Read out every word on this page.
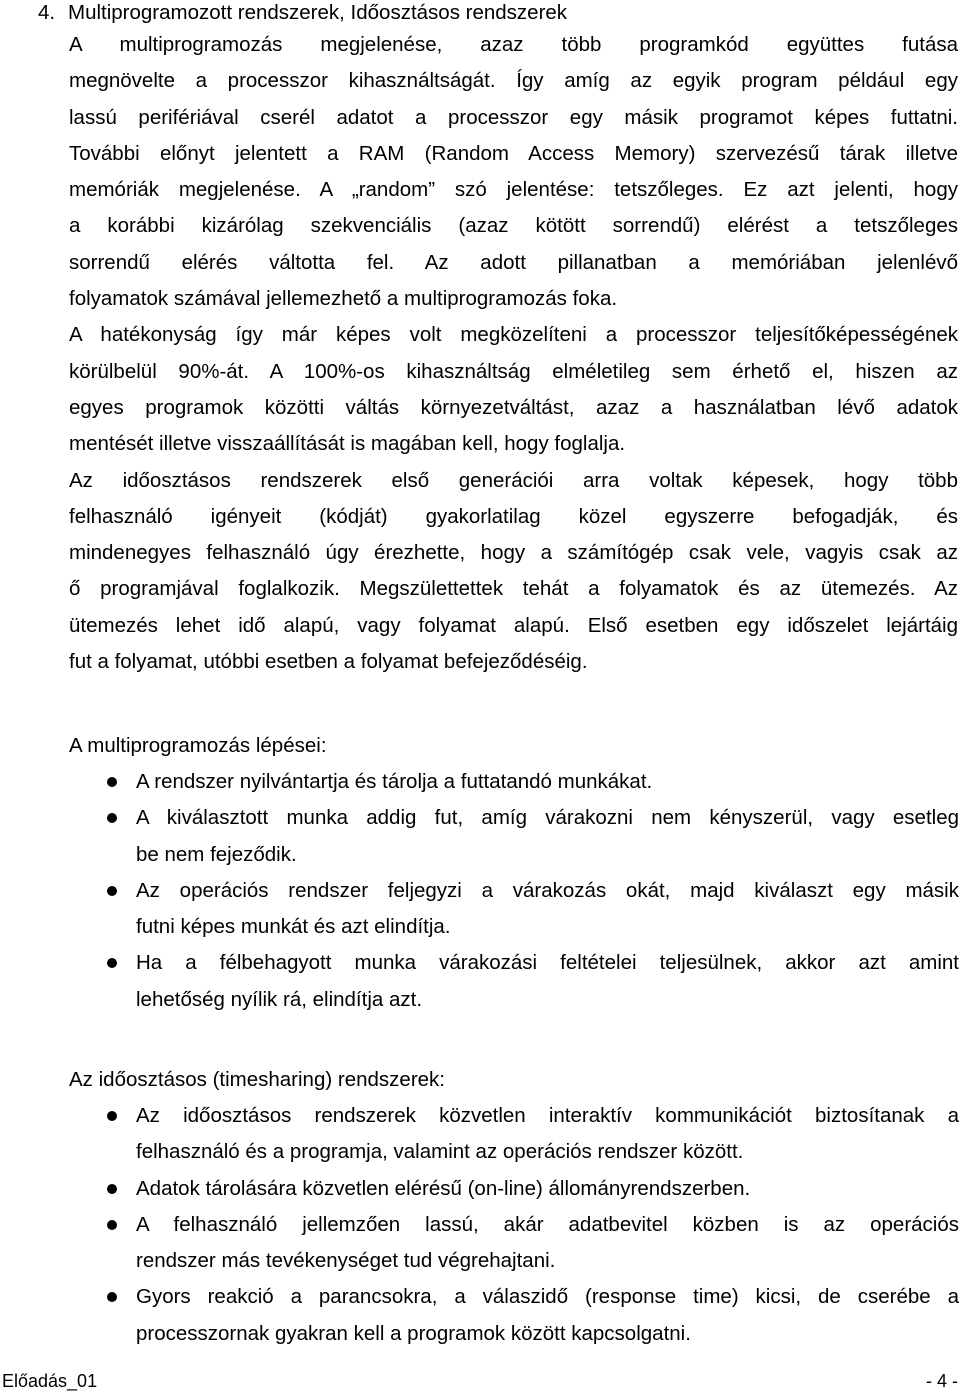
4. Multiprogramozott rendszerek, Időosztásos rendszerek
A multiprogramozás megjelenése, azaz több programkód együttes futása
megnövelte a processzor kihasználtságát. Így amíg az egyik program például egy
lassú perifériával cserél adatot a processzor egy másik programot képes futtatni.
További előnyt jelentett a RAM (Random Access Memory) szervezésű tárak illetve
memóriák megjelenése. A „random” szó jelentése: tetszőleges. Ez azt jelenti, hogy
a korábbi kizárólag szekvenciális (azaz kötött sorrendű) elérést a tetszőleges
sorrendű elérés váltotta fel. Az adott pillanatban a memóriában jelenlévő
folyamatok számával jellemezhető a multiprogramozás foka.
A hatékonyság így már képes volt megközelíteni a processzor teljesítőképességének
körülbelül 90%-át. A 100%-os kihasználtság elméletileg sem érhető el, hiszen az
egyes programok közötti váltás környezetváltást, azaz a használatban lévő adatok
mentését illetve visszaállítását is magában kell, hogy foglalja.
Az időosztásos rendszerek első generációi arra voltak képesek, hogy több
felhasználó igényeit (kódját) gyakorlatilag közel egyszerre befogadják, és
mindenegyes felhasználó úgy érezhette, hogy a számítógép csak vele, vagyis csak az
ő programjával foglalkozik. Megszülettettek tehát a folyamatok és az ütemezés. Az
ütemezés lehet idő alapú, vagy folyamat alapú. Első esetben egy időszelet lejártáig
fut a folyamat, utóbbi esetben a folyamat befejeződéséig.
A multiprogramozás lépései:
A rendszer nyilvántartja és tárolja a futtatandó munkákat.
A kiválasztott munka addig fut, amíg várakozni nem kényszerül, vagy esetleg
be nem fejeződik.
Az operációs rendszer feljegyzi a várakozás okát, majd kiválaszt egy másik
futni képes munkát és azt elindítja.
Ha a félbehagyott munka várakozási feltételei teljesülnek, akkor azt amint
lehetőség nyílik rá, elindítja azt.
Az időosztásos (timesharing) rendszerek:
Az időosztásos rendszerek közvetlen interaktív kommunikációt biztosítanak a
felhasználó és a programja, valamint az operációs rendszer között.
Adatok tárolására közvetlen elérésű (on-line) állományrendszerben.
A felhasználó jellemzően lassú, akár adatbevitel közben is az operációs
rendszer más tevékenységet tud végrehajtani.
Gyors reakció a parancsokra, a válaszidő (response time) kicsi, de cserébe a
processzornak gyakran kell a programok között kapcsolgatni.
Előadás_01	- 4 -
